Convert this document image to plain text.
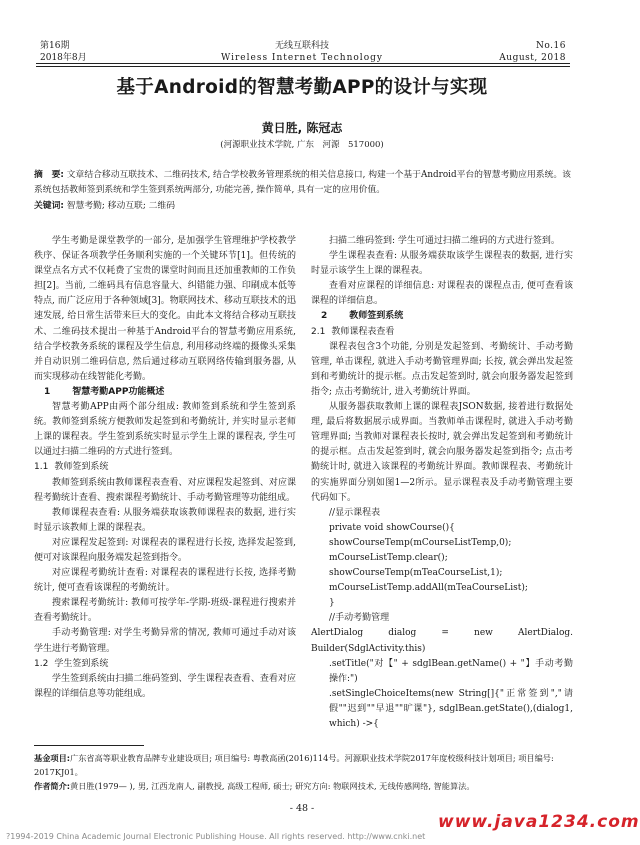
第16期
2018年8月
无线互联科技
Wireless Internet Technology
No.16
August, 2018
基于Android的智慧考勤APP的设计与实现
黄日胜, 陈冠志
(河源职业技术学院, 广东　河源　517000)
摘　要: 文章结合移动互联技术、二维码技术, 结合学校教务管理系统的相关信息接口, 构建一个基于Android平台的智慧考勤应用系统。该系统包括教师签到系统和学生签到系统两部分, 功能完善, 操作简单, 具有一定的应用价值。
关键词: 智慧考勤; 移动互联; 二维码

学生考勤是课堂教学的一部分, 是加强学生管理维护学校教学秩序、保证各项教学任务顺利实施的一个关键环节[1]。但传统的课堂点名方式不仅耗费了宝贵的课堂时间而且还加重教师的工作负担[2]。当前, 二维码具有信息容量大、纠错能力强、印刷成本低等特点, 而广泛应用于各种领域[3]。物联网技术、移动互联技术的迅速发展, 给日常生活带来巨大的变化。由此本文将结合移动互联技术、二维码技术提出一种基于Android平台的智慧考勤应用系统, 结合学校教务系统的课程及学生信息, 利用移动终端的摄像头采集并自动识别二维码信息, 然后通过移动互联网络传输到服务器, 从而实现移动在线智能化考勤。

1 智慧考勤APP功能概述

智慧考勤APP由两个部分组成: 教师签到系统和学生签到系统。教师签到系统方便教师发起签到和考勤统计, 并实时显示老师上课的课程表。学生签到系统实时显示学生上课的课程表, 学生可以通过扫描二维码的方式进行签到。

1.1 教师签到系统

教师签到系统由教师课程表查看、对应课程发起签到、对应课程考勤统计查看、搜索课程考勤统计、手动考勤管理等功能组成。

教师课程表查看: 从服务端获取该教师课程表的数据, 进行实时显示该教师上课的课程表。

对应课程发起签到: 对课程表的课程进行长按, 选择发起签到, 便可对该课程向服务端发起签到指令。

对应课程考勤统计查看: 对课程表的课程进行长按, 选择考勤统计, 便可查看该课程的考勤统计。

搜索课程考勤统计: 教师可按学年-学期-班级-课程进行搜索并查看考勤统计。

手动考勤管理: 对学生考勤异常的情况, 教师可通过手动对该学生进行考勤管理。

1.2 学生签到系统

学生签到系统由扫描二维码签到、学生课程表查看、查看对应课程的详细信息等功能组成。

扫描二维码签到: 学生可通过扫描二维码的方式进行签到。

学生课程表查看: 从服务端获取该学生课程表的数据, 进行实时显示该学生上课的课程表。

查看对应课程的详细信息: 对课程表的课程点击, 便可查看该课程的详细信息。

2 教师签到系统
2.1 教师课程表查看

课程表包含3个功能, 分别是发起签到、考勤统计、手动考勤管理, 单击课程, 就进入手动考勤管理界面; 长按, 就会弹出发起签到和考勤统计的提示框。点击发起签到时, 就会向服务器发起签到指令; 点击考勤统计, 进入考勤统计界面。

从服务器获取教师上课的课程表JSON数据, 接着进行数据处理, 最后将数据展示成界面。当教师单击课程时, 就进入手动考勤管理界面; 当教师对课程表长按时, 就会弹出发起签到和考勤统计的提示框。点击发起签到时, 就会向服务器发起签到指令; 点击考勤统计时, 就进入该课程的考勤统计界面。教师课程表、考勤统计的实施界面分别如图1—2所示。显示课程表及手动考勤管理主要代码如下。

//显示课程表

private void showCourse(){

showCourseTemp(mCourseListTemp,0);

mCourseListTemp.clear();

showCourseTemp(mTeaCourseList,1);

mCourseListTemp.addAll(mTeaCourseList);

}

//手动考勤管理

AlertDialog dialog = new AlertDialog. Builder(SdglActivity.this)

.setTitle("对【" + sdglBean.getName() + "】手动考勤操作:")

.setSingleChoiceItems(new String[]{"正常签到","请假""迟到""早退""旷课"}, sdglBean.getState(),(dialog1, which) ->{

基金项目:广东省高等职业教育品牌专业建设项目; 项目编号: 粤教高函(2016)114号。河源职业技术学院2017年度校级科技计划项目; 项目编号: 2017KJ01。
作者简介:黄日胜(1979— ), 男, 江西龙南人, 副教授, 高级工程师, 硕士; 研究方向: 物联网技术, 无线传感网络, 智能算法。
- 48 -
www.java1234.com
?1994-2019 China Academic Journal Electronic Publishing House. All rights reserved. http://www.cnki.net
